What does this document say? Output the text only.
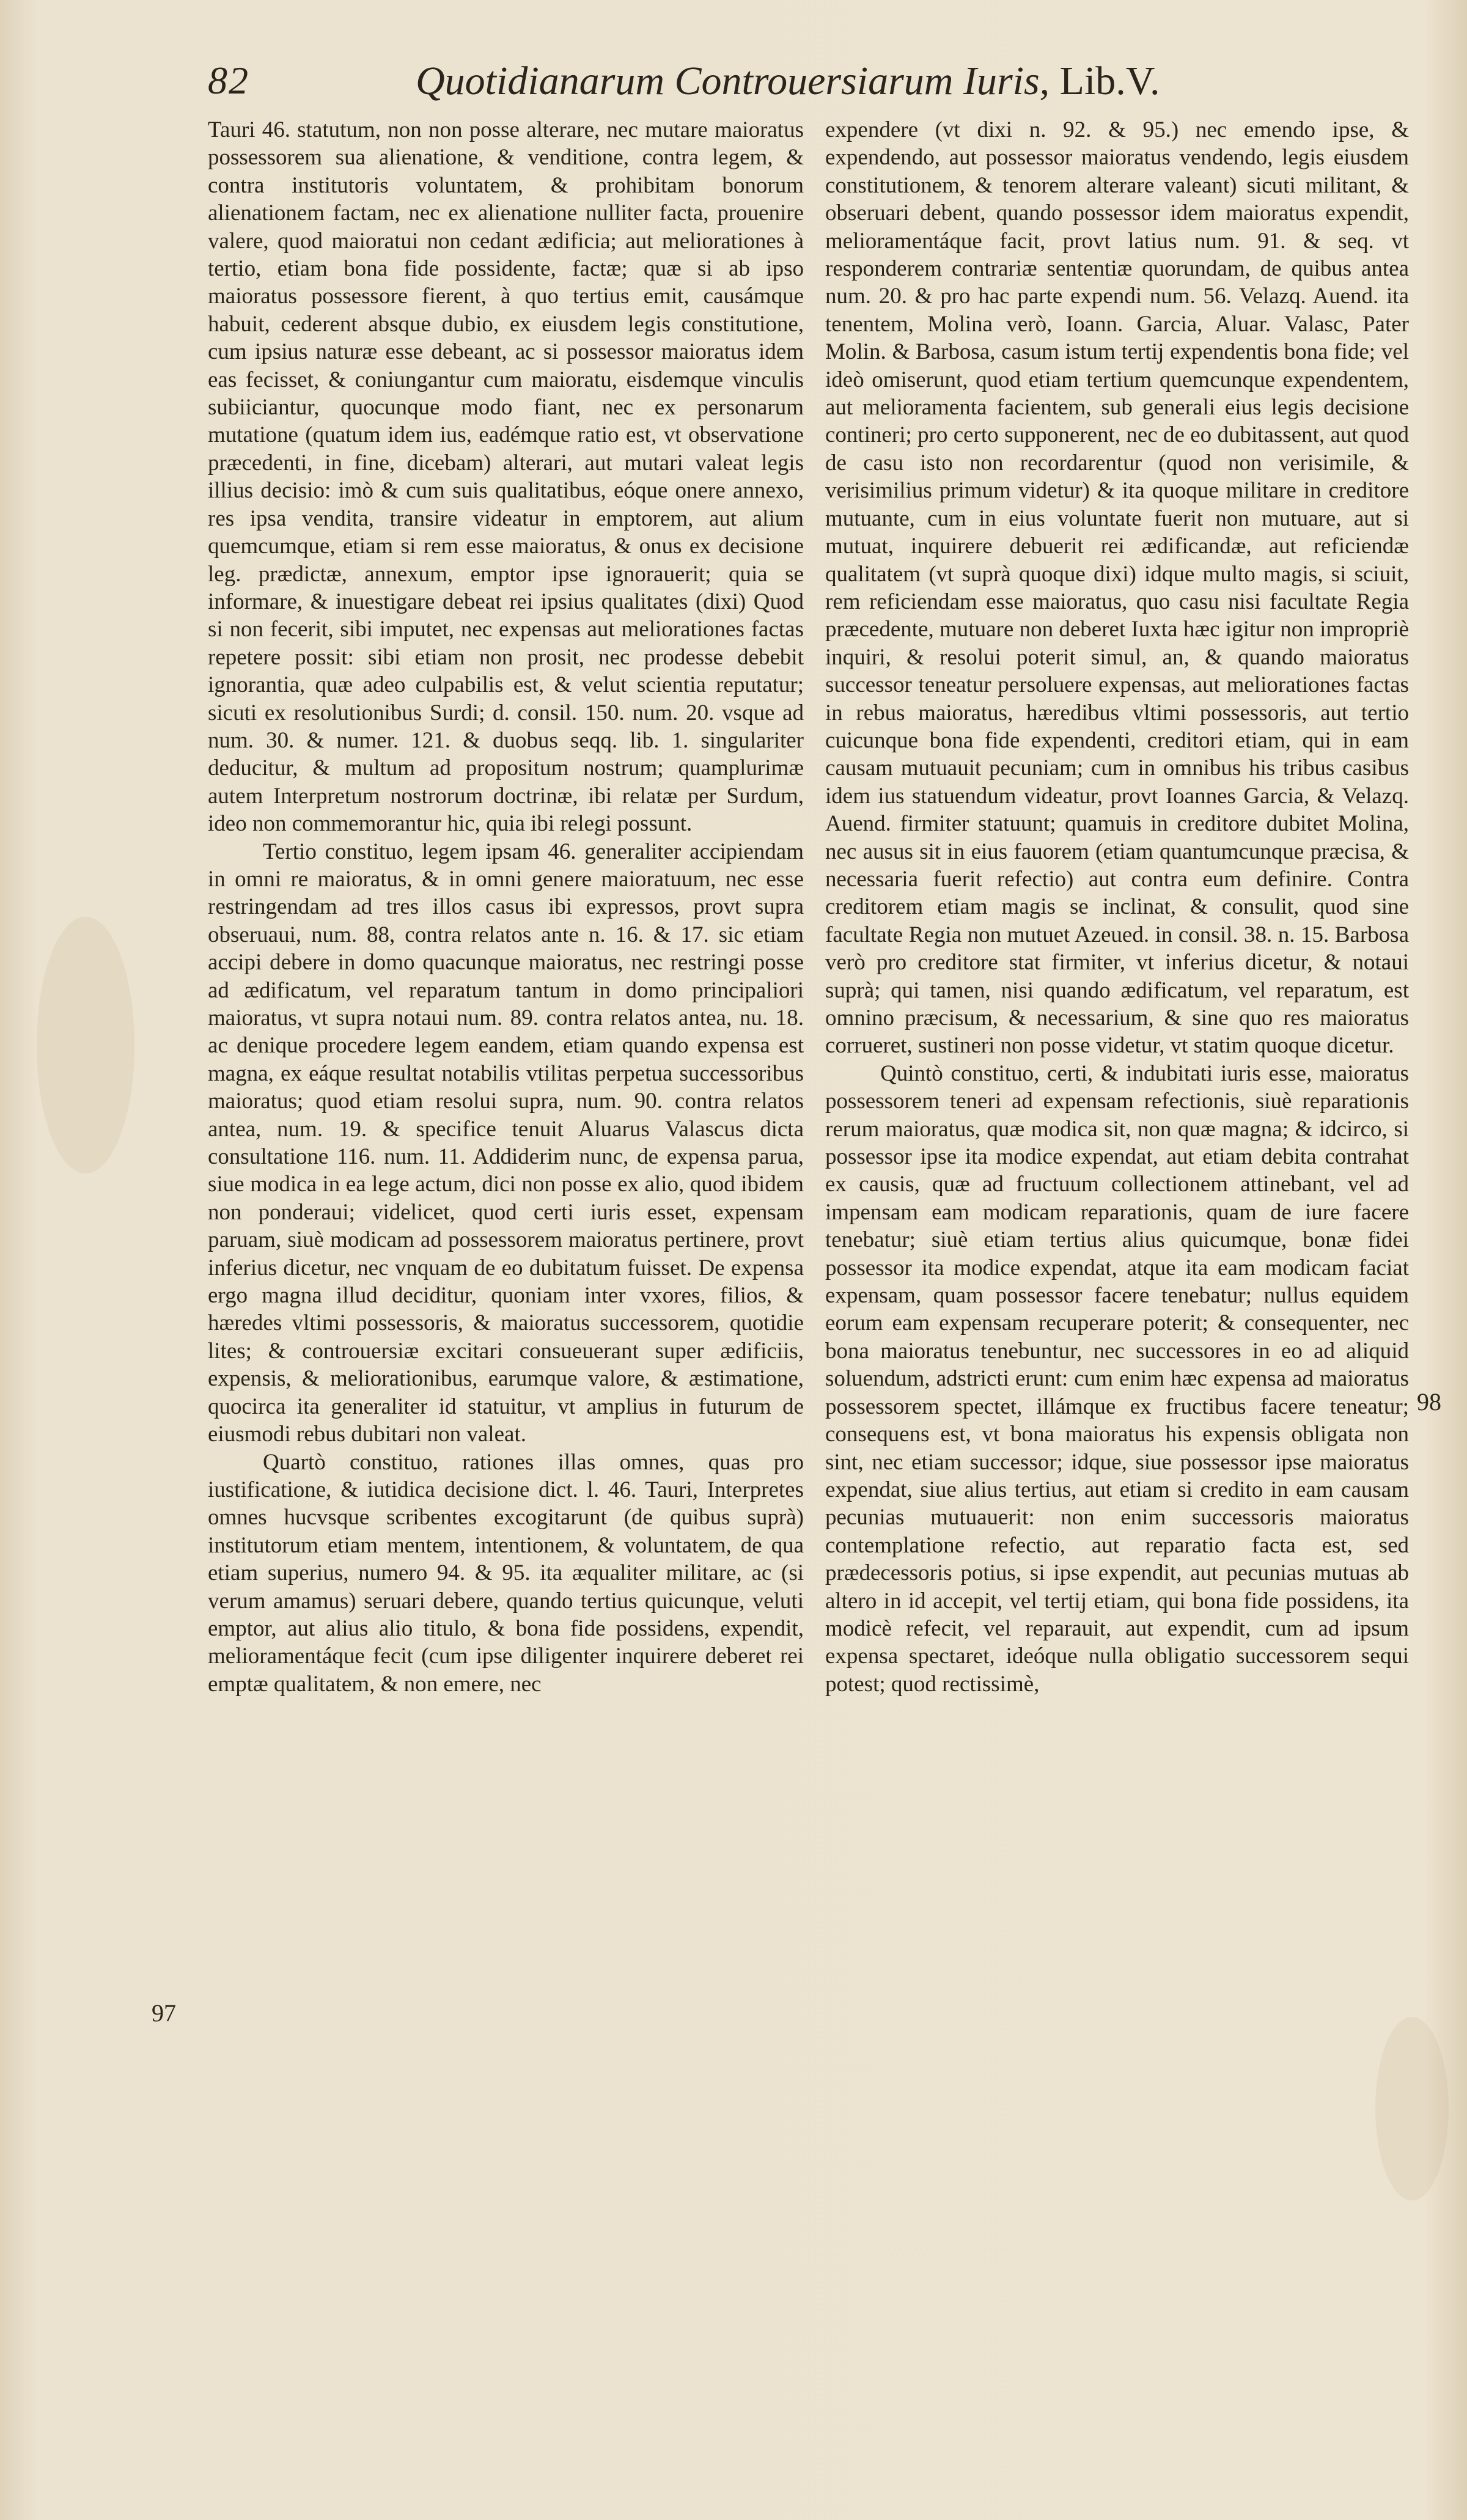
82	Quotidianarum Controuersiarum Iuris, Lib.V.

Tauri 46. statutum, non non posse alterare, nec mutare maioratus possessorem sua alienatione, & venditione, contra legem, & contra institutoris voluntatem, & prohibitam bonorum alienationem factam, nec ex alienatione nulliter facta, prouenire valere, quod maioratui non cedant ædificia; aut meliorationes à tertio, etiam bona fide possidente, factæ; quæ si ab ipso maioratus possessore fierent, à quo tertius emit, causámque habuit, cederent absque dubio, ex eiusdem legis constitutione, cum ipsius naturæ esse debeant, ac si possessor maioratus idem eas fecisset, & coniungantur cum maioratu, eisdemque vinculis subiiciantur, quocunque modo fiant, nec ex personarum mutatione (quatum idem ius, eadémque ratio est, vt observatione præcedenti, in fine, dicebam) alterari, aut mutari valeat legis illius decisio: imò & cum suis qualitatibus, eóque onere annexo, res ipsa vendita, transire videatur in emptorem, aut alium quemcumque, etiam si rem esse maioratus, & onus ex decisione leg. prædictæ, annexum, emptor ipse ignorauerit; quia se informare, & inuestigare debeat rei ipsius qualitates (dixi) Quod si non fecerit, sibi imputet, nec expensas aut meliorationes factas repetere possit: sibi etiam non prosit, nec prodesse debebit ignorantia, quæ adeo culpabilis est, & velut scientia reputatur; sicuti ex resolutionibus Surdi; d. consil. 150. num. 20. vsque ad num. 30. & numer. 121. & duobus seqq. lib. 1. singulariter deducitur, & multum ad propositum nostrum; quamplurimæ autem Interpretum nostrorum doctrinæ, ibi relatæ per Surdum, ideo non commemorantur hic, quia ibi relegi possunt.

Tertio constituo, legem ipsam 46. generaliter accipiendam in omni re maioratus, & in omni genere maioratuum, nec esse restringendam ad tres illos casus ibi expressos, provt supra obseruaui, num. 88, contra relatos ante n. 16. & 17. sic etiam accipi debere in domo quacunque maioratus, nec restringi posse ad ædificatum, vel reparatum tantum in domo principaliori maioratus, vt supra notaui num. 89. contra relatos antea, nu. 18. ac denique procedere legem eandem, etiam quando expensa est magna, ex eáque resultat notabilis vtilitas perpetua successoribus maioratus; quod etiam resolui supra, num. 90. contra relatos antea, num. 19. & specifice tenuit Aluarus Valascus dicta consultatione 116. num. 11. Addiderim nunc, de expensa parua, siue modica in ea lege actum, dici non posse ex alio, quod ibidem non ponderaui; videlicet, quod certi iuris esset, expensam paruam, siuè modicam ad possessorem maioratus pertinere, provt inferius dicetur, nec vnquam de eo dubitatum fuisset. De expensa ergo magna illud deciditur, quoniam inter vxores, filios, & hæredes vltimi possessoris, & maioratus successorem, quotidie lites; & controuersiæ excitari consueuerant super ædificiis, expensis, & meliorationibus, earumque valore, & æstimatione, quocirca ita generaliter id statuitur, vt amplius in futurum de eiusmodi rebus dubitari non valeat.

Quartò constituo, rationes illas omnes, quas pro iustificatione, & iutidica decisione dict. l. 46. Tauri, Interpretes omnes hucvsque scribentes excogitarunt (de quibus suprà) institutorum etiam mentem, intentionem, & voluntatem, de qua etiam superius, numero 94. & 95. ita æqualiter militare, ac (si verum amamus) seruari debere, quando tertius quicunque, veluti emptor, aut alius alio titulo, & bona fide possidens, expendit, melioramentáque fecit (cum ipse diligenter inquirere deberet rei emptæ qualitatem, & non emere, nec

expendere (vt dixi n. 92. & 95.) nec emendo ipse, & expendendo, aut possessor maioratus vendendo, legis eiusdem constitutionem, & tenorem alterare valeant) sicuti militant, & obseruari debent, quando possessor idem maioratus expendit, melioramentáque facit, provt latius num. 91. & seq. vt responderem contrariæ sententiæ quorundam, de quibus antea num. 20. & pro hac parte expendi num. 56. Velazq. Auend. ita tenentem, Molina verò, Ioann. Garcia, Aluar. Valasc, Pater Molin. & Barbosa, casum istum tertij expendentis bona fide; vel ideò omiserunt, quod etiam tertium quemcunque expendentem, aut melioramenta facientem, sub generali eius legis decisione contineri; pro certo supponerent, nec de eo dubitassent, aut quod de casu isto non recordarentur (quod non verisimile, & verisimilius primum videtur) & ita quoque militare in creditore mutuante, cum in eius voluntate fuerit non mutuare, aut si mutuat, inquirere debuerit rei ædificandæ, aut reficiendæ qualitatem (vt suprà quoque dixi) idque multo magis, si sciuit, rem reficiendam esse maioratus, quo casu nisi facultate Regia præcedente, mutuare non deberet Iuxta hæc igitur non impropriè inquiri, & resolui poterit simul, an, & quando maioratus successor teneatur persoluere expensas, aut meliorationes factas in rebus maioratus, hæredibus vltimi possessoris, aut tertio cuicunque bona fide expendenti, creditori etiam, qui in eam causam mutuauit pecuniam; cum in omnibus his tribus casibus idem ius statuendum videatur, provt Ioannes Garcia, & Velazq. Auend. firmiter statuunt; quamuis in creditore dubitet Molina, nec ausus sit in eius fauorem (etiam quantumcunque præcisa, & necessaria fuerit refectio) aut contra eum definire. Contra creditorem etiam magis se inclinat, & consulit, quod sine facultate Regia non mutuet Azeued. in consil. 38. n. 15. Barbosa verò pro creditore stat firmiter, vt inferius dicetur, & notaui suprà; qui tamen, nisi quando ædificatum, vel reparatum, est omnino præcisum, & necessarium, & sine quo res maioratus corrueret, sustineri non posse videtur, vt statim quoque dicetur.

Quintò constituo, certi, & indubitati iuris esse, maioratus possessorem teneri ad expensam refectionis, siuè reparationis rerum maioratus, quæ modica sit, non quæ magna; & idcirco, si possessor ipse ita modice expendat, aut etiam debita contrahat ex causis, quæ ad fructuum collectionem attinebant, vel ad impensam eam modicam reparationis, quam de iure facere tenebatur; siuè etiam tertius alius quicumque, bonæ fidei possessor ita modice expendat, atque ita eam modicam faciat expensam, quam possessor facere tenebatur; nullus equidem eorum eam expensam recuperare poterit; & consequenter, nec bona maioratus tenebuntur, nec successores in eo ad aliquid soluendum, adstricti erunt: cum enim hæc expensa ad maioratus possessorem spectet, illámque ex fructibus facere teneatur; consequens est, vt bona maioratus his expensis obligata non sint, nec etiam successor; idque, siue possessor ipse maioratus expendat, siue alius tertius, aut etiam si credito in eam causam pecunias mutuauerit: non enim successoris maioratus contemplatione refectio, aut reparatio facta est, sed prædecessoris potius, si ipse expendit, aut pecunias mutuas ab altero in id accepit, vel tertij etiam, qui bona fide possidens, ita modicè refecit, vel reparauit, aut expendit, cum ad ipsum expensa spectaret, ideóque nulla obligatio successorem sequi potest; quod rectissimè,

97
98
